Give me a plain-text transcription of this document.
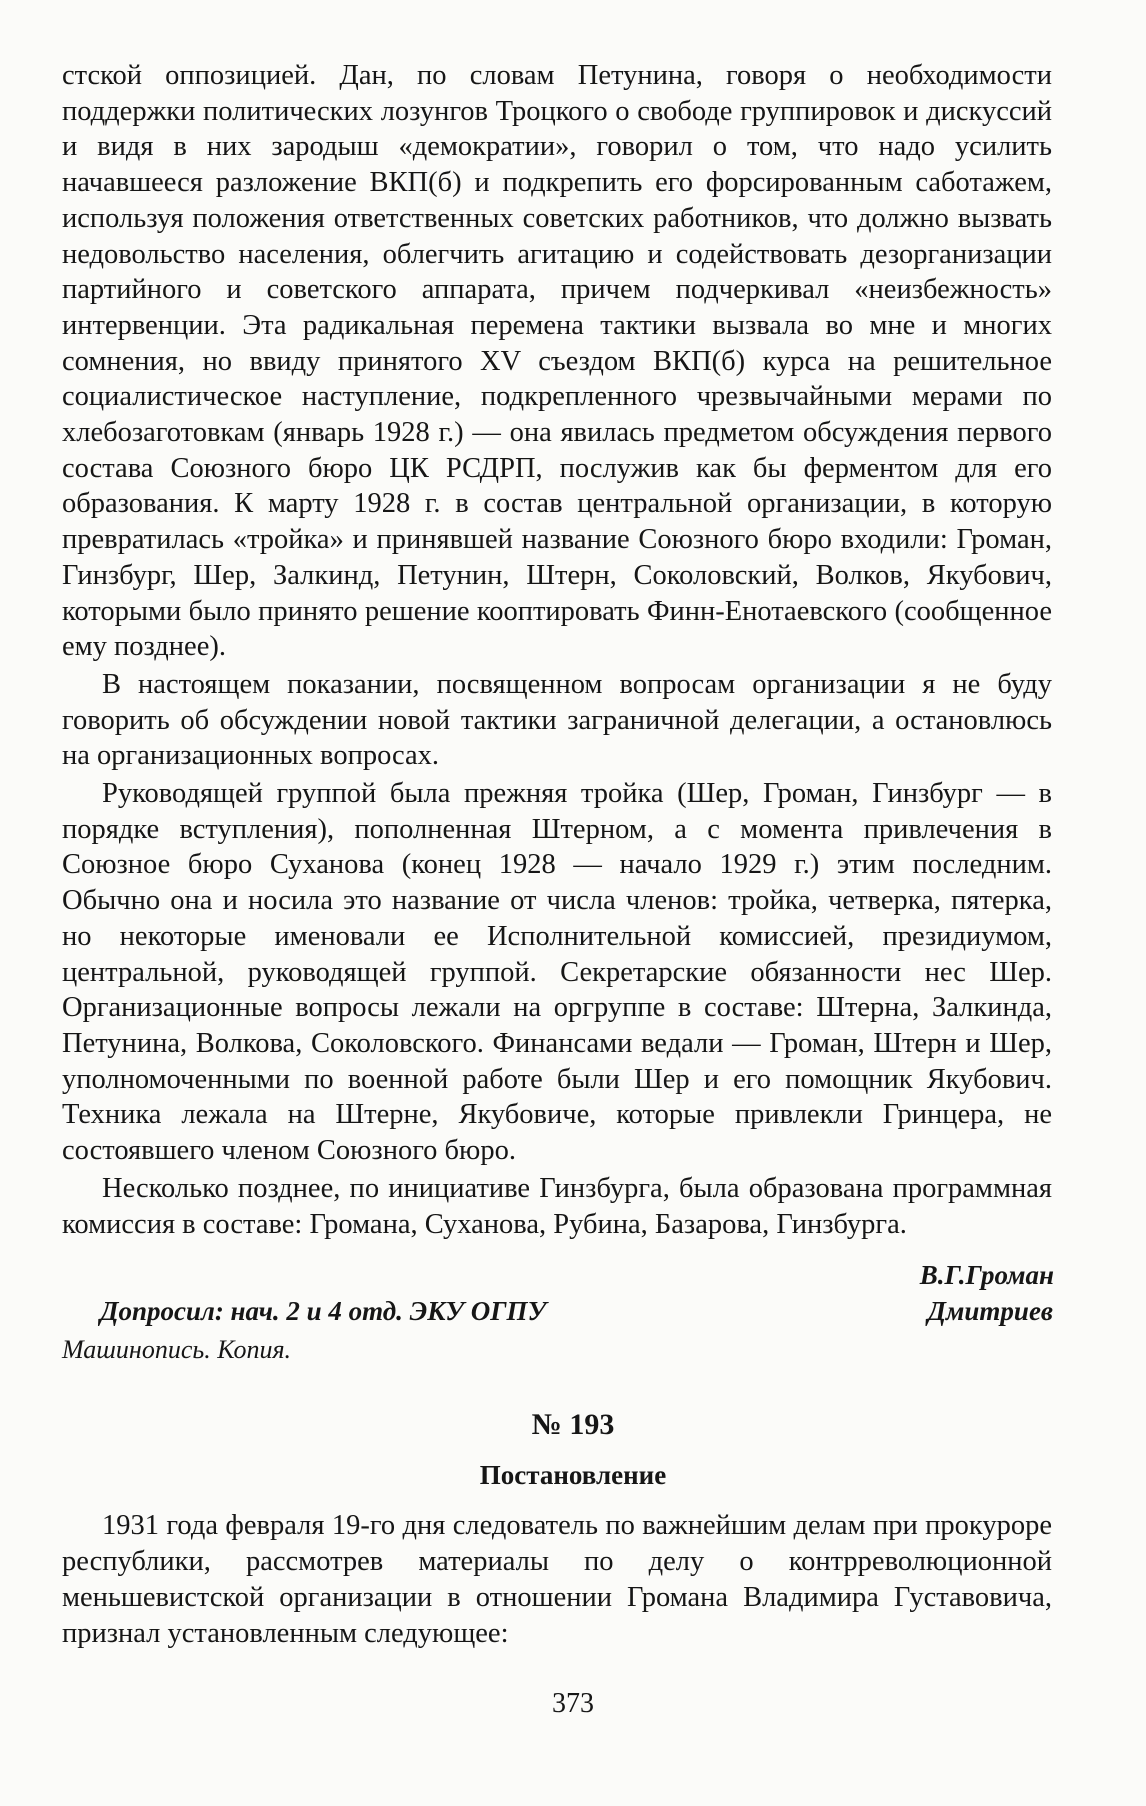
стской оппозицией. Дан, по словам Петунина, говоря о необходимости поддержки политических лозунгов Троцкого о свободе группировок и дискуссий и видя в них зародыш «демократии», говорил о том, что надо усилить начавшееся разложение ВКП(б) и подкрепить его форсированным саботажем, используя положения ответственных советских работников, что должно вызвать недовольство населения, облегчить агитацию и содействовать дезорганизации партийного и советского аппарата, причем подчеркивал «неизбежность» интервенции. Эта радикальная перемена тактики вызвала во мне и многих сомнения, но ввиду принятого XV съездом ВКП(б) курса на решительное социалистическое наступление, подкрепленного чрезвычайными мерами по хлебозаготовкам (январь 1928 г.) — она явилась предметом обсуждения первого состава Союзного бюро ЦК РСДРП, послужив как бы ферментом для его образования. К марту 1928 г. в состав центральной организации, в которую превратилась «тройка» и принявшей название Союзного бюро входили: Громан, Гинзбург, Шер, Залкинд, Петунин, Штерн, Соколовский, Волков, Якубович, которыми было принято решение кооптировать Финн-Енотаевского (сообщенное ему позднее).

В настоящем показании, посвященном вопросам организации я не буду говорить об обсуждении новой тактики заграничной делегации, а остановлюсь на организационных вопросах.

Руководящей группой была прежняя тройка (Шер, Громан, Гинзбург — в порядке вступления), пополненная Штерном, а с момента привлечения в Союзное бюро Суханова (конец 1928 — начало 1929 г.) этим последним. Обычно она и носила это название от числа членов: тройка, четверка, пятерка, но некоторые именовали ее Исполнительной комиссией, президиумом, центральной, руководящей группой. Секретарские обязанности нес Шер. Организационные вопросы лежали на оргруппе в составе: Штерна, Залкинда, Петунина, Волкова, Соколовского. Финансами ведали — Громан, Штерн и Шер, уполномоченными по военной работе были Шер и его помощник Якубович. Техника лежала на Штерне, Якубовиче, которые привлекли Гринцера, не состоявшего членом Союзного бюро.

Несколько позднее, по инициативе Гинзбурга, была образована программная комиссия в составе: Громана, Суханова, Рубина, Базарова, Гинзбурга.

В.Г.Громан
Допросил: нач. 2 и 4 отд. ЭКУ ОГПУ	Дмитриев
Машинопись. Копия.
№ 193
Постановление

1931 года февраля 19-го дня следователь по важнейшим делам при прокуроре республики, рассмотрев материалы по делу о контрреволюционной меньшевистской организации в отношении Громана Владимира Густавовича, признал установленным следующее:

373
